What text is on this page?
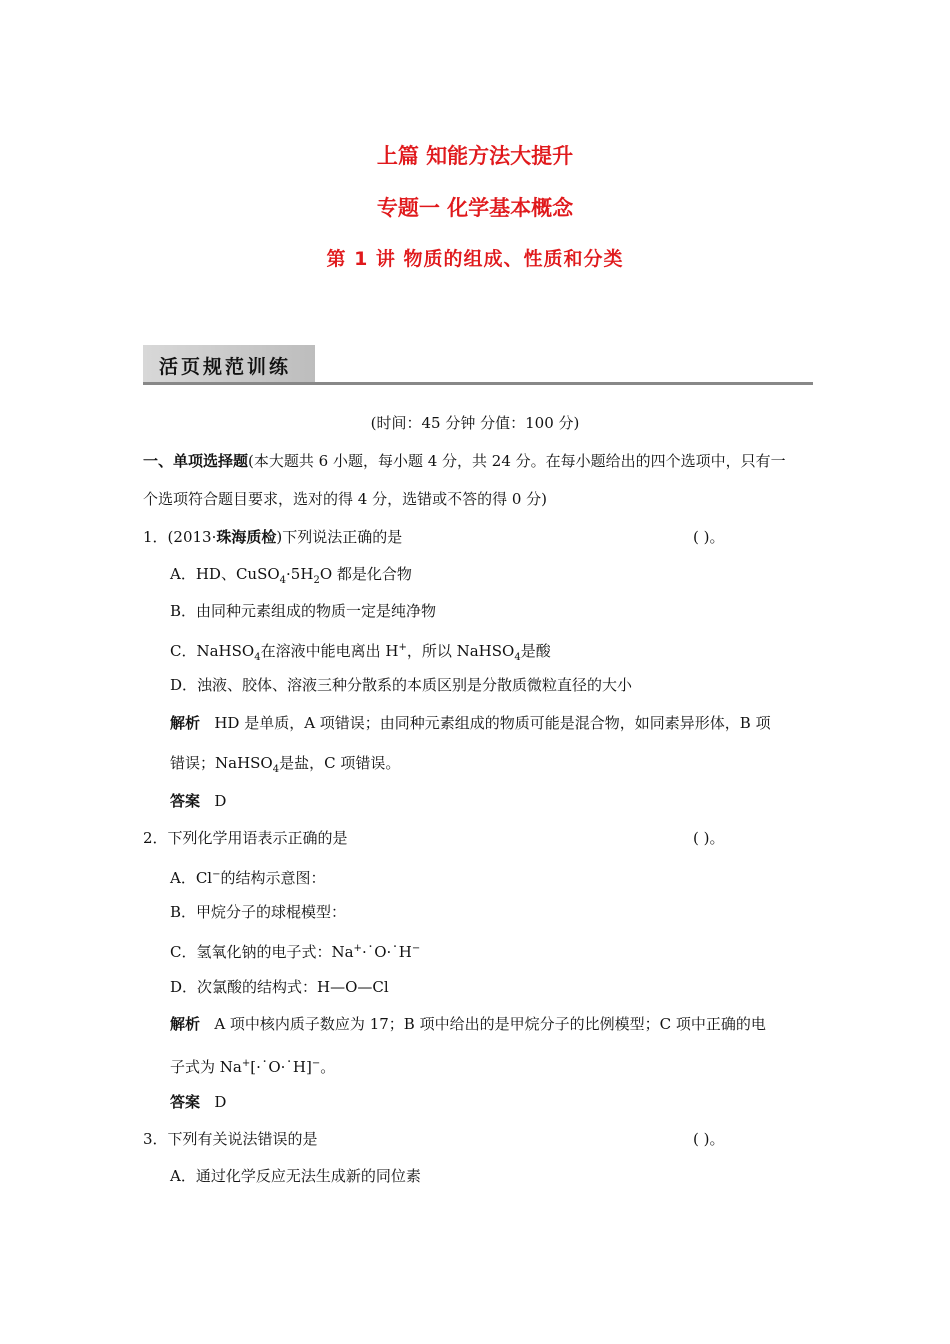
上篇 知能方法大提升
专题一 化学基本概念
第 1 讲 物质的组成、性质和分类
活页规范训练
(时间：45 分钟 分值：100 分)
一、单项选择题(本大题共 6 小题，每小题 4 分，共 24 分。在每小题给出的四个选项中，只有一
个选项符合题目要求，选对的得 4 分，选错或不答的得 0 分)
1．(2013·珠海质检)下列说法正确的是	( )。
A．HD、$CuSO_4\cdot 5H_2O$ 都是化合物
B．由同种元素组成的物质一定是纯净物
C．NaHSO$_4$在溶液中能电离出 H+，所以 NaHSO$_4$是酸
D．浊液、胶体、溶液三种分散系的本质区别是分散质微粒直径的大小
解析 HD 是单质，A 项错误；由同种元素组成的物质可能是混合物，如同素异形体，B 项
错误；NaHSO$_4$是盐，C 项错误。
答案 D
2．下列化学用语表示正确的是	( )。
A．Cl−的结构示意图：
B．甲烷分子的球棍模型：
C．氢氧化钠的电子式：Na+·˙O·˙H−
D．次氯酸的结构式：H—O—Cl
解析 A 项中核内质子数应为 17；B 项中给出的是甲烷分子的比例模型；C 项中正确的电
子式为 Na+[·˙O·˙H]−。
答案 D
3．下列有关说法错误的是	( )。
A．通过化学反应无法生成新的同位素
